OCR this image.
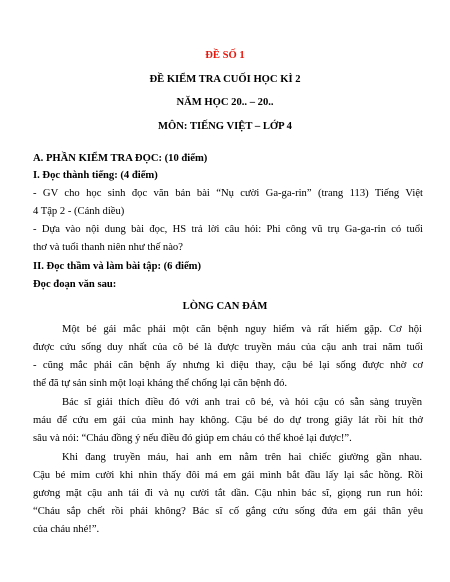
ĐỀ SỐ 1
ĐỀ KIỂM TRA CUỐI HỌC KÌ 2
NĂM HỌC 20.. – 20..
MÔN: TIẾNG VIỆT – LỚP 4
A. PHẦN KIỂM TRA ĐỌC: (10 điểm)
I. Đọc thành tiếng: (4 điểm)
- GV cho học sinh đọc văn bản bài “Nụ cười Ga-ga-rin” (trang 113) Tiếng Việt
4 Tập 2 - (Cánh diều)
- Dựa vào nội dung bài đọc, HS trả lời câu hỏi: Phi công vũ trụ Ga-ga-rin có tuổi
thơ và tuổi thanh niên như thế nào?
II. Đọc thầm và làm bài tập: (6 điểm)
Đọc đoạn văn sau:
LÒNG CAN ĐẢM
Một bé gái mắc phải một căn bệnh nguy hiểm và rất hiếm gặp. Cơ hội
được cứu sống duy nhất của cô bé là được truyền máu của cậu anh trai năm tuổi
- cũng mắc phải căn bệnh ấy nhưng kì diệu thay, cậu bé lại sống được nhờ cơ
thể đã tự sản sinh một loại kháng thể chống lại căn bệnh đó.
Bác sĩ giải thích điều đó với anh trai cô bé, và hỏi cậu có sẵn sàng truyền
máu để cứu em gái của mình hay không. Cậu bé do dự trong giây lát rồi hít thở
sâu và nói: “Cháu đồng ý nếu điều đó giúp em cháu có thể khoẻ lại được!”.
Khi đang truyền máu, hai anh em nằm trên hai chiếc giường gần nhau.
Cậu bé mỉm cười khi nhìn thấy đôi má em gái mình bắt đầu lấy lại sắc hồng. Rồi
gương mặt cậu anh tái đi và nụ cười tắt dần. Cậu nhìn bác sĩ, giọng run run hỏi:
“Cháu sắp chết rồi phải không? Bác sĩ cố gắng cứu sống đứa em gái thân yêu
của cháu nhé!”.
